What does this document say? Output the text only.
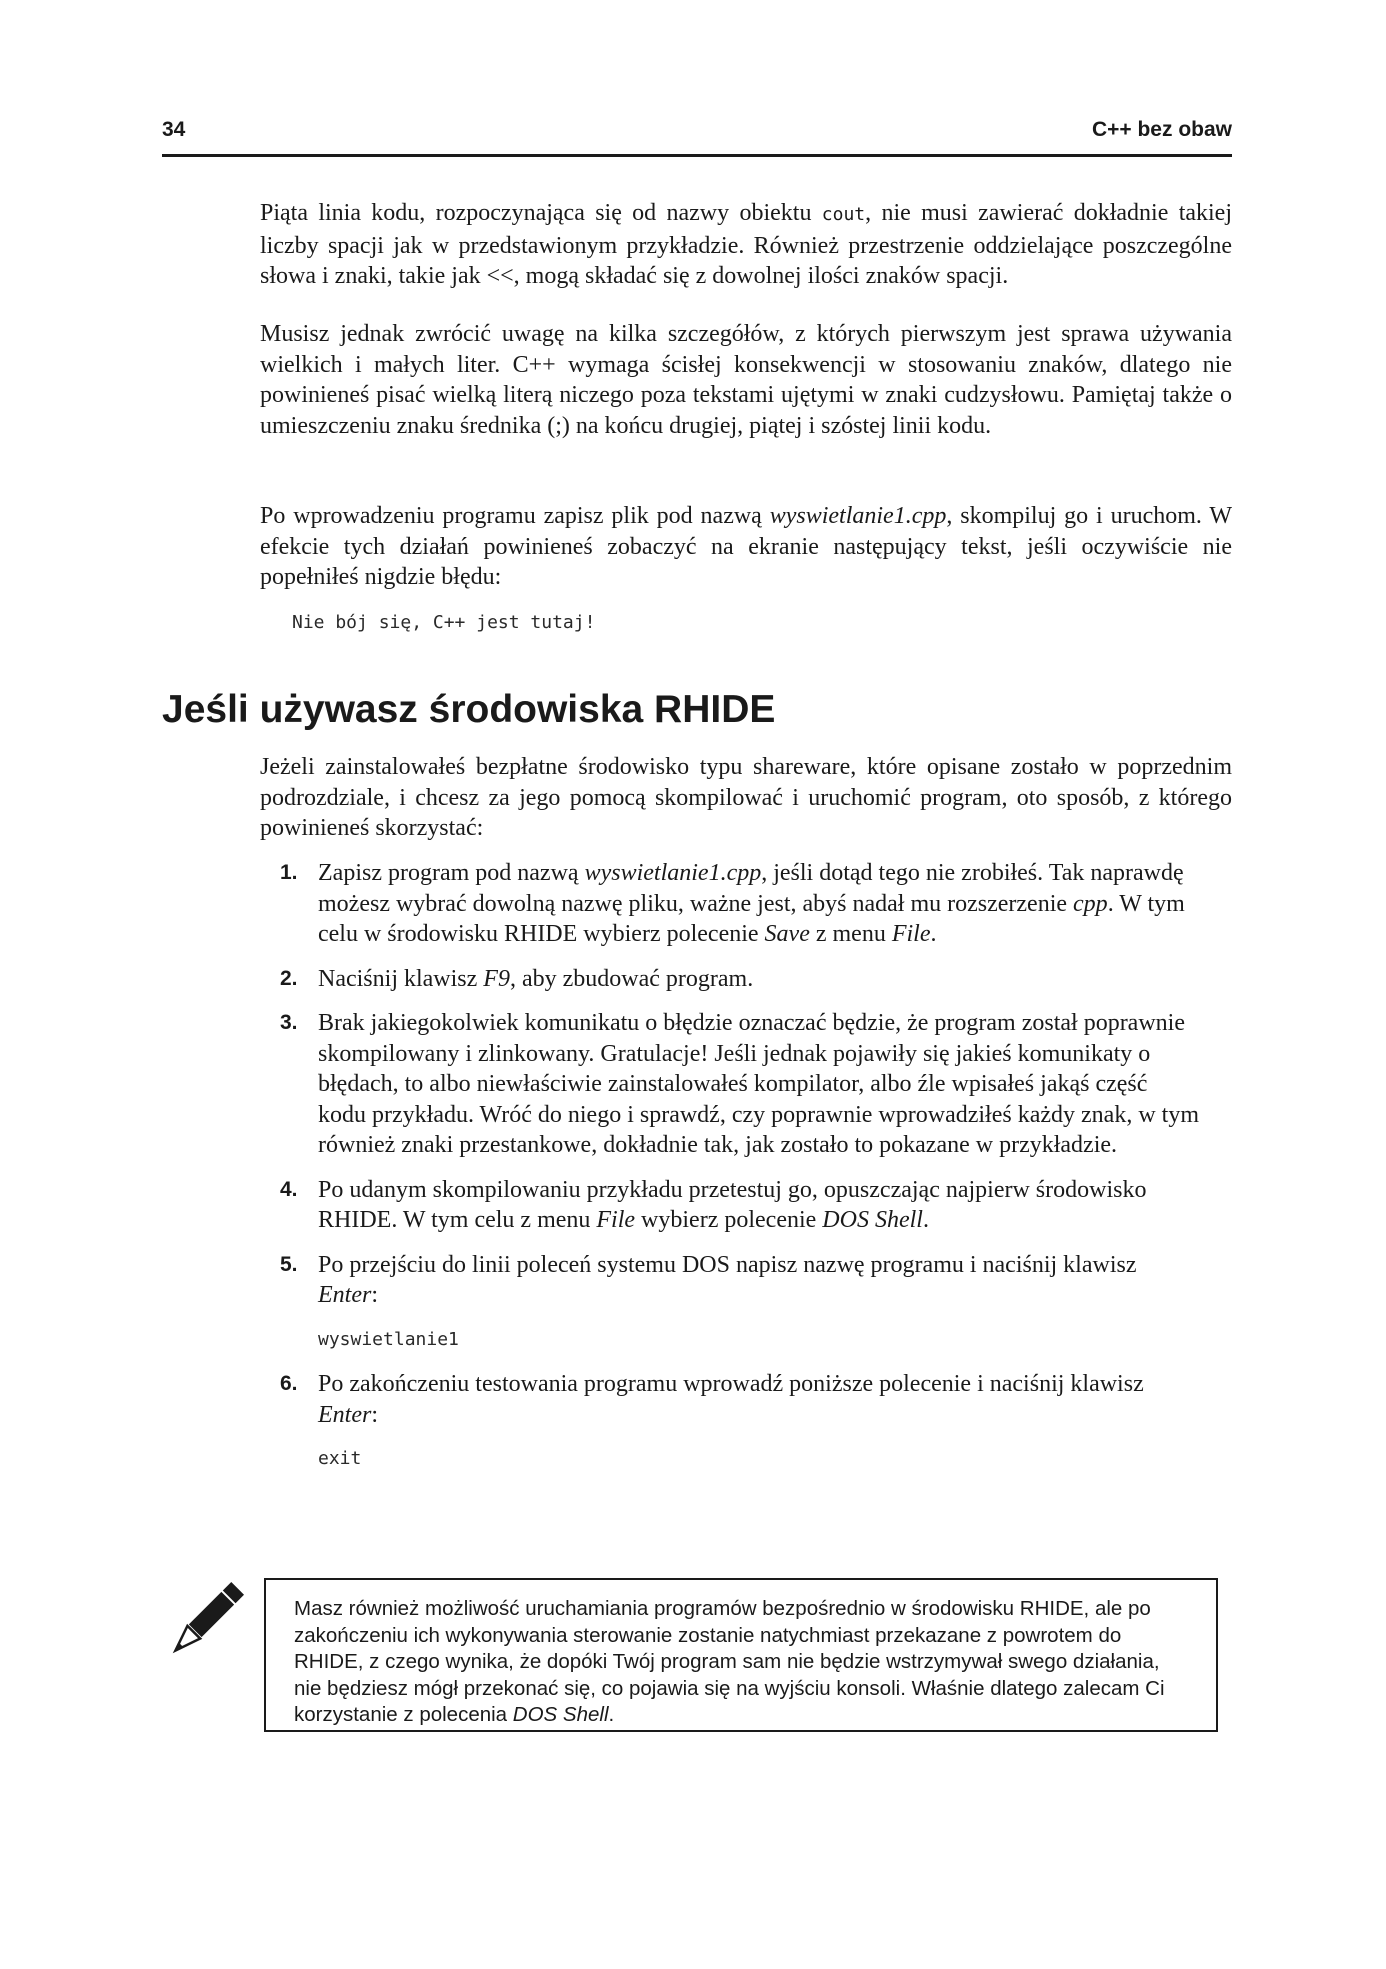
34	C++ bez obaw

Piąta linia kodu, rozpoczynająca się od nazwy obiektu cout, nie musi zawierać dokładnie takiej liczby spacji jak w przedstawionym przykładzie. Również przestrzenie oddzielające poszczególne słowa i znaki, takie jak <<, mogą składać się z dowolnej ilości znaków spacji.

Musisz jednak zwrócić uwagę na kilka szczegółów, z których pierwszym jest sprawa używania wielkich i małych liter. C++ wymaga ścisłej konsekwencji w stosowaniu znaków, dlatego nie powinieneś pisać wielką literą niczego poza tekstami ujętymi w znaki cudzysłowu. Pamiętaj także o umieszczeniu znaku średnika (;) na końcu drugiej, piątej i szóstej linii kodu.

Po wprowadzeniu programu zapisz plik pod nazwą wyswietlanie1.cpp, skompiluj go i uruchom. W efekcie tych działań powinieneś zobaczyć na ekranie następujący tekst, jeśli oczywiście nie popełniłeś nigdzie błędu:

Nie bój się, C++ jest tutaj!
Jeśli używasz środowiska RHIDE

Jeżeli zainstalowałeś bezpłatne środowisko typu shareware, które opisane zostało w poprzednim podrozdziale, i chcesz za jego pomocą skompilować i uruchomić program, oto sposób, z którego powinieneś skorzystać:

1. Zapisz program pod nazwą wyswietlanie1.cpp, jeśli dotąd tego nie zrobiłeś. Tak naprawdę możesz wybrać dowolną nazwę pliku, ważne jest, abyś nadał mu rozszerzenie cpp. W tym celu w środowisku RHIDE wybierz polecenie Save z menu File.
2. Naciśnij klawisz F9, aby zbudować program.
3. Brak jakiegokolwiek komunikatu o błędzie oznaczać będzie, że program został poprawnie skompilowany i zlinkowany. Gratulacje! Jeśli jednak pojawiły się jakieś komunikaty o błędach, to albo niewłaściwie zainstalowałeś kompilator, albo źle wpisałeś jakąś część kodu przykładu. Wróć do niego i sprawdź, czy poprawnie wprowadziłeś każdy znak, w tym również znaki przestankowe, dokładnie tak, jak zostało to pokazane w przykładzie.
4. Po udanym skompilowaniu przykładu przetestuj go, opuszczając najpierw środowisko RHIDE. W tym celu z menu File wybierz polecenie DOS Shell.
5. Po przejściu do linii poleceń systemu DOS napisz nazwę programu i naciśnij klawisz Enter:
wyswietlanie1
6. Po zakończeniu testowania programu wprowadź poniższe polecenie i naciśnij klawisz Enter:
exit

Masz również możliwość uruchamiania programów bezpośrednio w środowisku RHIDE, ale po zakończeniu ich wykonywania sterowanie zostanie natychmiast przekazane z powrotem do RHIDE, z czego wynika, że dopóki Twój program sam nie będzie wstrzymywał swego działania, nie będziesz mógł przekonać się, co pojawia się na wyjściu konsoli. Właśnie dlatego zalecam Ci korzystanie z polecenia DOS Shell.
